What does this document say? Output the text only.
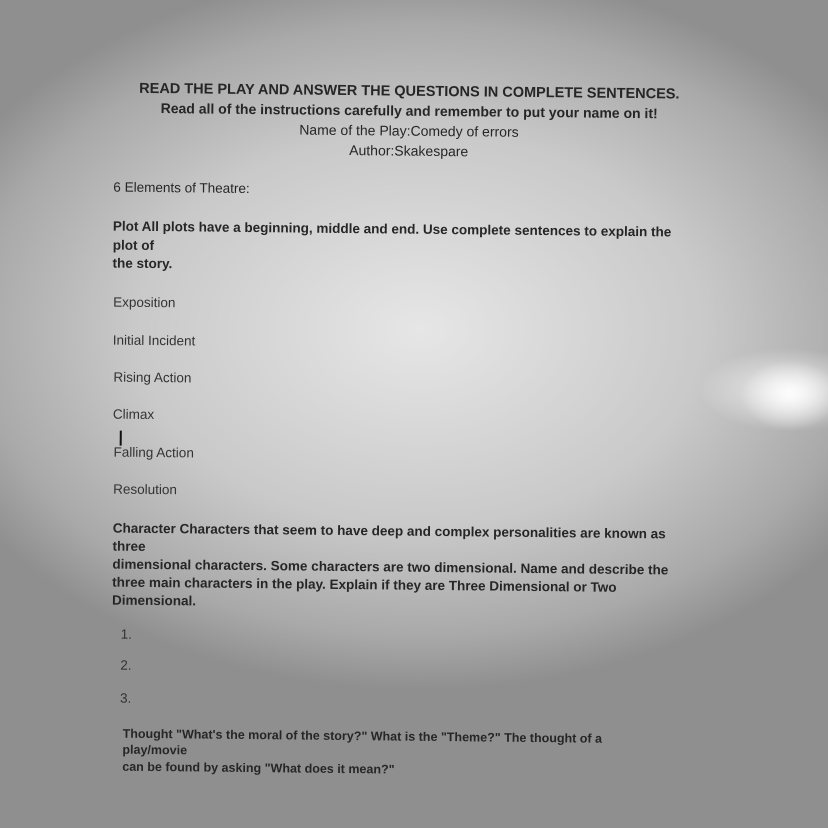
READ THE PLAY AND ANSWER THE QUESTIONS IN COMPLETE SENTENCES.
Read all of the instructions carefully and remember to put your name on it!
Name of the Play:Comedy of errors
Author:Skakespare
6 Elements of Theatre:
Plot All plots have a beginning, middle and end. Use complete sentences to explain the
plot of
the story.
Exposition
Initial Incident
Rising Action
Climax
Falling Action
Resolution
Character Characters that seem to have deep and complex personalities are known as
three
dimensional characters. Some characters are two dimensional. Name and describe the
three main characters in the play. Explain if they are Three Dimensional or Two
Dimensional.
1.
2.
3.
Thought "What's the moral of the story?" What is the "Theme?" The thought of a
play/movie
can be found by asking "What does it mean?"
